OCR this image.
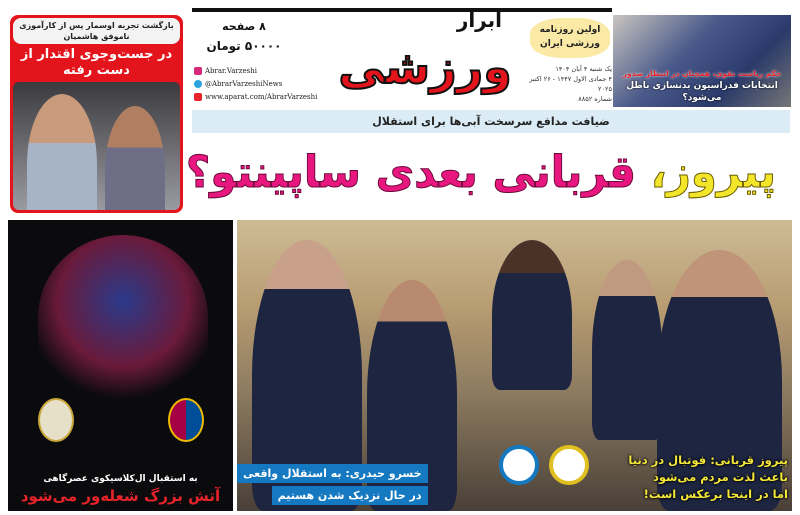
بازگشت تجربه اوسمار پس از کارآموزی ناموفق هاشمیان
در جست‌وجوی اقتدار از دست رفته
۸ صفحه
۵۰۰۰۰ تومان
Abrar.Varzeshi
@AbrarVarzeshiNews
www.aparat.com/AbrarVarzeshi
ابرار
ورزشی
اولین روزنامه
ورزشی ایران
یک شنبه ۴ آبان ۱۴۰۴
۴ جمادی الاول ۱۴۴۷ - ۲۶ اکتبر ۲۰۲۵
شماره ۸۸۵۲
حکم ریاست تقوی، همچنان در انتظار صدور
انتخابات فدراسیون بدنسازی باطل می‌شود؟
ضیافت مدافع سرسخت آبی‌ها برای استقلال
پیروز، قربانی بعدی ساپینتو؟
به استقبال ال‌کلاسیکوی عصرگاهی
آتش بزرگ شعله‌ور می‌شود
خسرو حیدری: به استقلال واقعی
در حال نزدیک شدن هستیم
پیروز قربانی: فوتبال در دنیا
باعث لذت مردم می‌شود
اما در اینجا برعکس است!
